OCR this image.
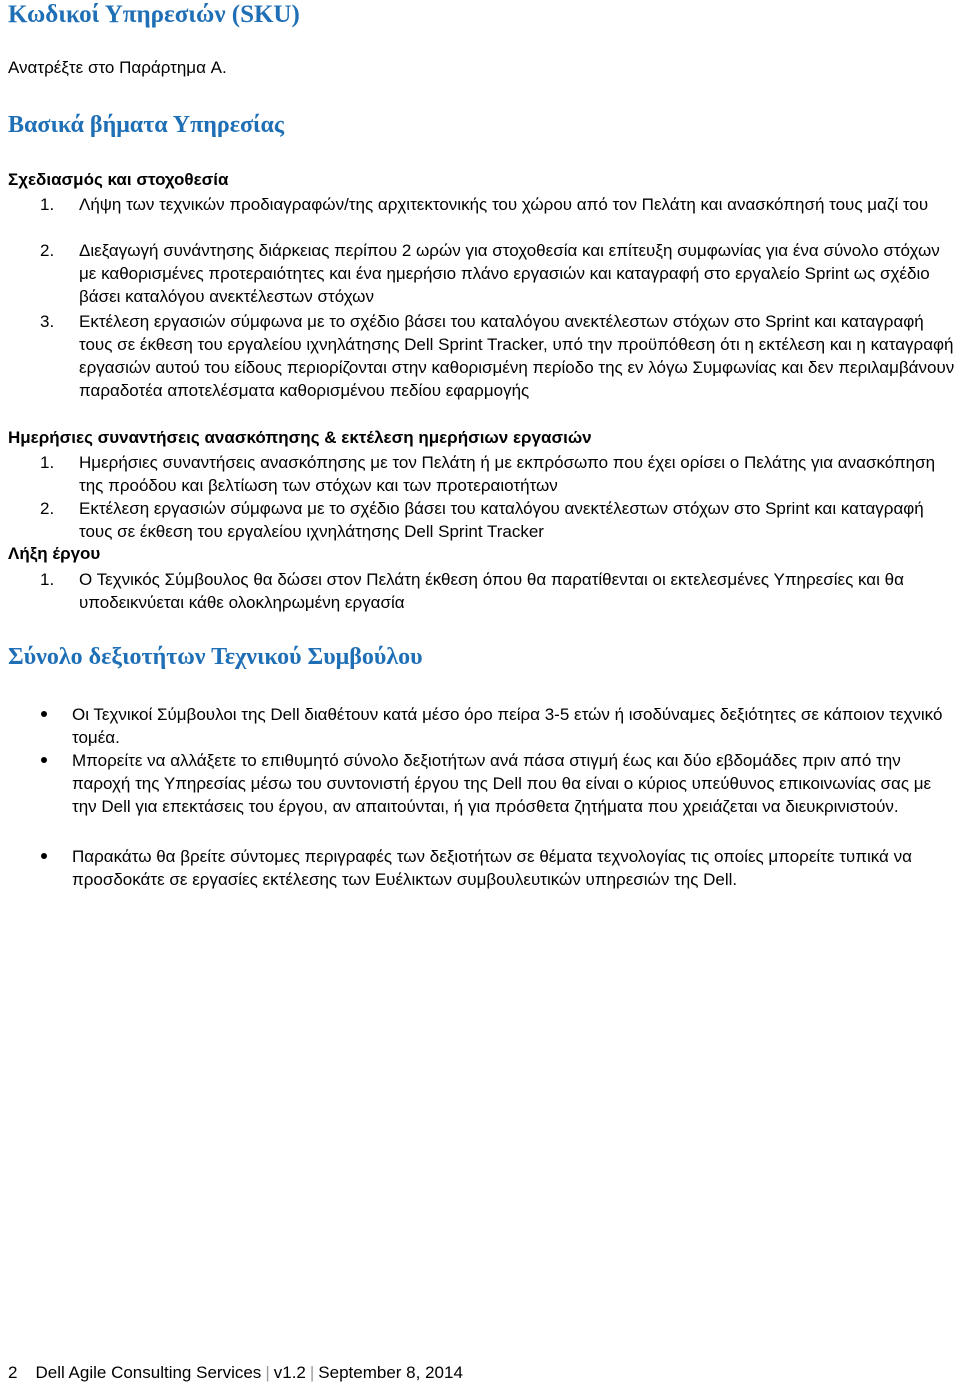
Κωδικοί Υπηρεσιών (SKU)
Ανατρέξτε στο Παράρτημα A.
Βασικά βήματα Υπηρεσίας
Σχεδιασμός και στοχοθεσία
1. Λήψη των τεχνικών προδιαγραφών/της αρχιτεκτονικής του χώρου από τον Πελάτη και ανασκόπησή τους μαζί του
2. Διεξαγωγή συνάντησης διάρκειας περίπου 2 ωρών για στοχοθεσία και επίτευξη συμφωνίας για ένα σύνολο στόχων με καθορισμένες προτεραιότητες και ένα ημερήσιο πλάνο εργασιών και καταγραφή στο εργαλείο Sprint ως σχέδιο βάσει καταλόγου ανεκτέλεστων στόχων
3. Εκτέλεση εργασιών σύμφωνα με το σχέδιο βάσει του καταλόγου ανεκτέλεστων στόχων στο Sprint και καταγραφή τους σε έκθεση του εργαλείου ιχνηλάτησης Dell Sprint Tracker, υπό την προϋπόθεση ότι η εκτέλεση και η καταγραφή εργασιών αυτού του είδους περιορίζονται στην καθορισμένη περίοδο της εν λόγω Συμφωνίας και δεν περιλαμβάνουν παραδοτέα αποτελέσματα καθορισμένου πεδίου εφαρμογής
Ημερήσιες συναντήσεις ανασκόπησης & εκτέλεση ημερήσιων εργασιών
1. Ημερήσιες συναντήσεις ανασκόπησης με τον Πελάτη ή με εκπρόσωπο που έχει ορίσει ο Πελάτης για ανασκόπηση της προόδου και βελτίωση των στόχων και των προτεραιοτήτων
2. Εκτέλεση εργασιών σύμφωνα με το σχέδιο βάσει του καταλόγου ανεκτέλεστων στόχων στο Sprint και καταγραφή τους σε έκθεση του εργαλείου ιχνηλάτησης Dell Sprint Tracker
Λήξη έργου
1. Ο Τεχνικός Σύμβουλος θα δώσει στον Πελάτη έκθεση όπου θα παρατίθενται οι εκτελεσμένες Υπηρεσίες και θα υποδεικνύεται κάθε ολοκληρωμένη εργασία
Σύνολο δεξιοτήτων Τεχνικού Συμβούλου
Οι Τεχνικοί Σύμβουλοι της Dell διαθέτουν κατά μέσο όρο πείρα 3-5 ετών ή ισοδύναμες δεξιότητες σε κάποιον τεχνικό τομέα.
Μπορείτε να αλλάξετε το επιθυμητό σύνολο δεξιοτήτων ανά πάσα στιγμή έως και δύο εβδομάδες πριν από την παροχή της Υπηρεσίας μέσω του συντονιστή έργου της Dell που θα είναι ο κύριος υπεύθυνος επικοινωνίας σας με την Dell για επεκτάσεις του έργου, αν απαιτούνται, ή για πρόσθετα ζητήματα που χρειάζεται να διευκρινιστούν.
Παρακάτω θα βρείτε σύντομες περιγραφές των δεξιοτήτων σε θέματα τεχνολογίας τις οποίες μπορείτε τυπικά να προσδοκάτε σε εργασίες εκτέλεσης των Ευέλικτων συμβουλευτικών υπηρεσιών της Dell.
2 Dell Agile Consulting Services | v1.2 | September 8, 2014
